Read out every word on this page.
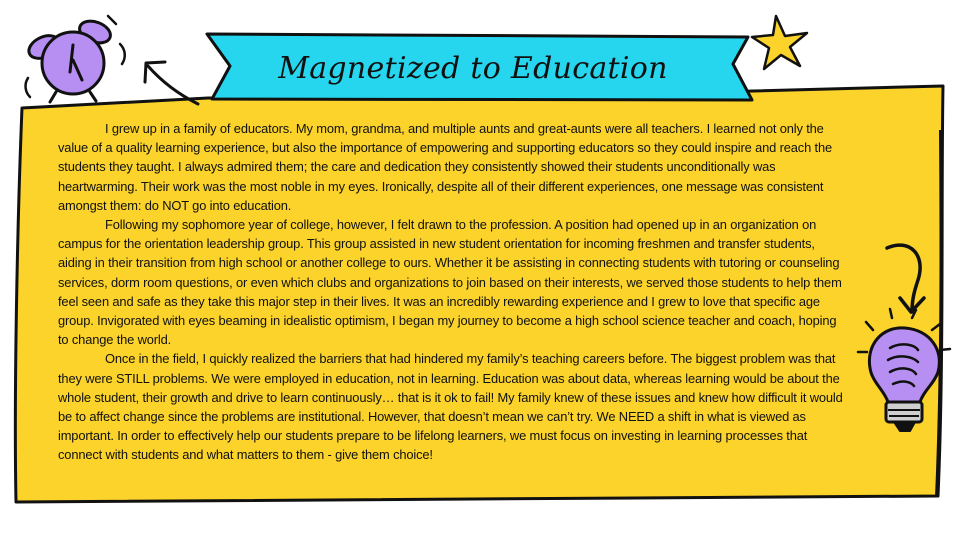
Magnetized to Education

I grew up in a family of educators. My mom, grandma, and multiple aunts and great-aunts were all teachers. I learned not only the value of a quality learning experience, but also the importance of empowering and supporting educators so they could inspire and reach the students they taught. I always admired them; the care and dedication they consistently showed their students unconditionally was heartwarming. Their work was the most noble in my eyes. Ironically, despite all of their different experiences, one message was consistent amongst them: do NOT go into education.

Following my sophomore year of college, however, I felt drawn to the profession. A position had opened up in an organization on campus for the orientation leadership group. This group assisted in new student orientation for incoming freshmen and transfer students, aiding in their transition from high school or another college to ours. Whether it be assisting in connecting students with tutoring or counseling services, dorm room questions, or even which clubs and organizations to join based on their interests, we served those students to help them feel seen and safe as they take this major step in their lives. It was an incredibly rewarding experience and I grew to love that specific age group. Invigorated with eyes beaming in idealistic optimism, I began my journey to become a high school science teacher and coach, hoping to change the world.

Once in the field, I quickly realized the barriers that had hindered my family’s teaching careers before. The biggest problem was that they were STILL problems. We were employed in education, not in learning. Education was about data, whereas learning would be about the whole student, their growth and drive to learn continuously… that is it ok to fail! My family knew of these issues and knew how difficult it would be to affect change since the problems are institutional. However, that doesn’t mean we can’t try. We NEED a shift in what is viewed as important. In order to effectively help our students prepare to be lifelong learners, we must focus on investing in learning processes that connect with students and what matters to them - give them choice!
